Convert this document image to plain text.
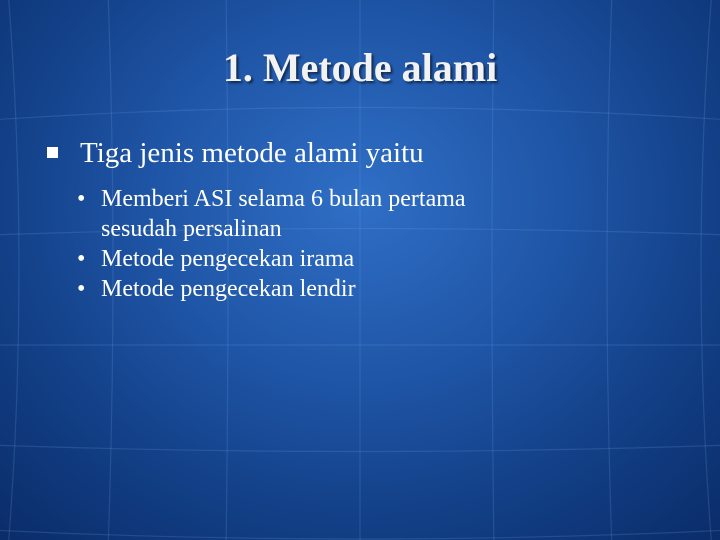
1. Metode alami
Tiga jenis metode alami yaitu
• Memberi ASI selama 6 bulan pertama sesudah persalinan
• Metode pengecekan irama
• Metode pengecekan lendir
